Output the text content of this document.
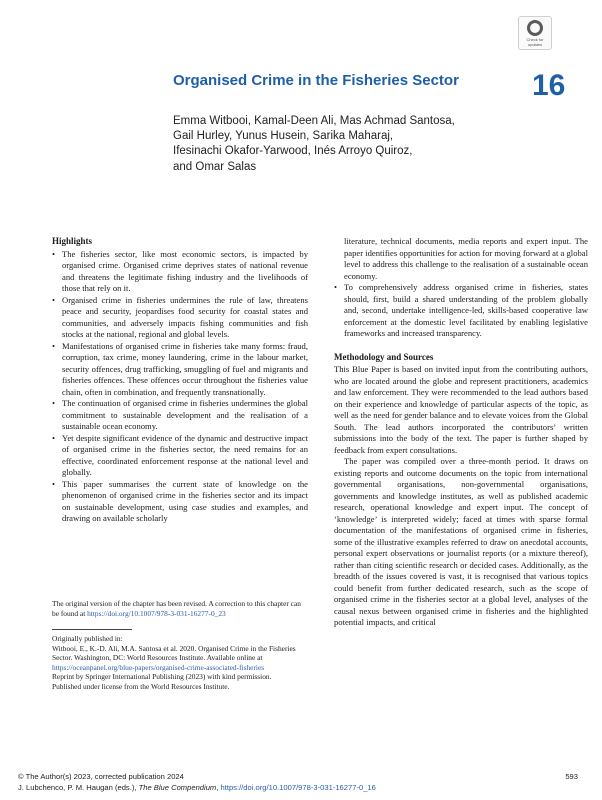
Check for updates
Organised Crime in the Fisheries Sector 16
Emma Witbooi, Kamal-Deen Ali, Mas Achmad Santosa,
Gail Hurley, Yunus Husein, Sarika Maharaj,
Ifesinachi Okafor-Yarwood, Inés Arroyo Quiroz,
and Omar Salas
Highlights
• The fisheries sector, like most economic sectors, is impacted by organised crime. Organised crime deprives states of national revenue and threatens the legitimate fishing industry and the livelihoods of those that rely on it.
• Organised crime in fisheries undermines the rule of law, threatens peace and security, jeopardises food security for coastal states and communities, and adversely impacts fishing communities and fish stocks at the national, regional and global levels.
• Manifestations of organised crime in fisheries take many forms: fraud, corruption, tax crime, money laundering, crime in the labour market, security offences, drug trafficking, smuggling of fuel and migrants and fisheries offences. These offences occur throughout the fisheries value chain, often in combination, and frequently transnationally.
• The continuation of organised crime in fisheries undermines the global commitment to sustainable development and the realisation of a sustainable ocean economy.
• Yet despite significant evidence of the dynamic and destructive impact of organised crime in the fisheries sector, the need remains for an effective, coordinated enforcement response at the national level and globally.
• This paper summarises the current state of knowledge on the phenomenon of organised crime in the fisheries sector and its impact on sustainable development, using case studies and examples, and drawing on available scholarly

literature, technical documents, media reports and expert input. The paper identifies opportunities for action for moving forward at a global level to address this challenge to the realisation of a sustainable ocean economy.

• To comprehensively address organised crime in fisheries, states should, first, build a shared understanding of the problem globally and, second, undertake intelligence-led, skills-based cooperative law enforcement at the domestic level facilitated by enabling legislative frameworks and increased transparency.
Methodology and Sources

This Blue Paper is based on invited input from the contributing authors, who are located around the globe and represent practitioners, academics and law enforcement. They were recommended to the lead authors based on their experience and knowledge of particular aspects of the topic, as well as the need for gender balance and to elevate voices from the Global South. The lead authors incorporated the contributors’ written submissions into the body of the text. The paper is further shaped by feedback from expert consultations.

The paper was compiled over a three-month period. It draws on existing reports and outcome documents on the topic from international governmental organisations, non-governmental organisations, governments and knowledge institutes, as well as published academic research, operational knowledge and expert input. The concept of ‘knowledge’ is interpreted widely; faced at times with sparse formal documentation of the manifestations of organised crime in fisheries, some of the illustrative examples referred to draw on anecdotal accounts, personal expert observations or journalist reports (or a mixture thereof), rather than citing scientific research or decided cases. Additionally, as the breadth of the issues covered is vast, it is recognised that various topics could benefit from further dedicated research, such as the scope of organised crime in the fisheries sector at a global level, analyses of the causal nexus between organised crime in fisheries and the highlighted potential impacts, and critical

The original version of the chapter has been revised. A correction to this chapter can be found at https://doi.org/10.1007/978-3-031-16277-0_23
Originally published in:
Witbooi, E., K.-D. Ali, M.A. Santosa et al. 2020. Organised Crime in the Fisheries Sector. Washington, DC: World Resources Institute. Available online at https://oceanpanel.org/blue-papers/organised-crime-associated-fisheries
Reprint by Springer International Publishing (2023) with kind permission.
Published under license from the World Resources Institute.
© The Author(s) 2023, corrected publication 2024
J. Lubchenco, P. M. Haugan (eds.), The Blue Compendium, https://doi.org/10.1007/978-3-031-16277-0_16
593
